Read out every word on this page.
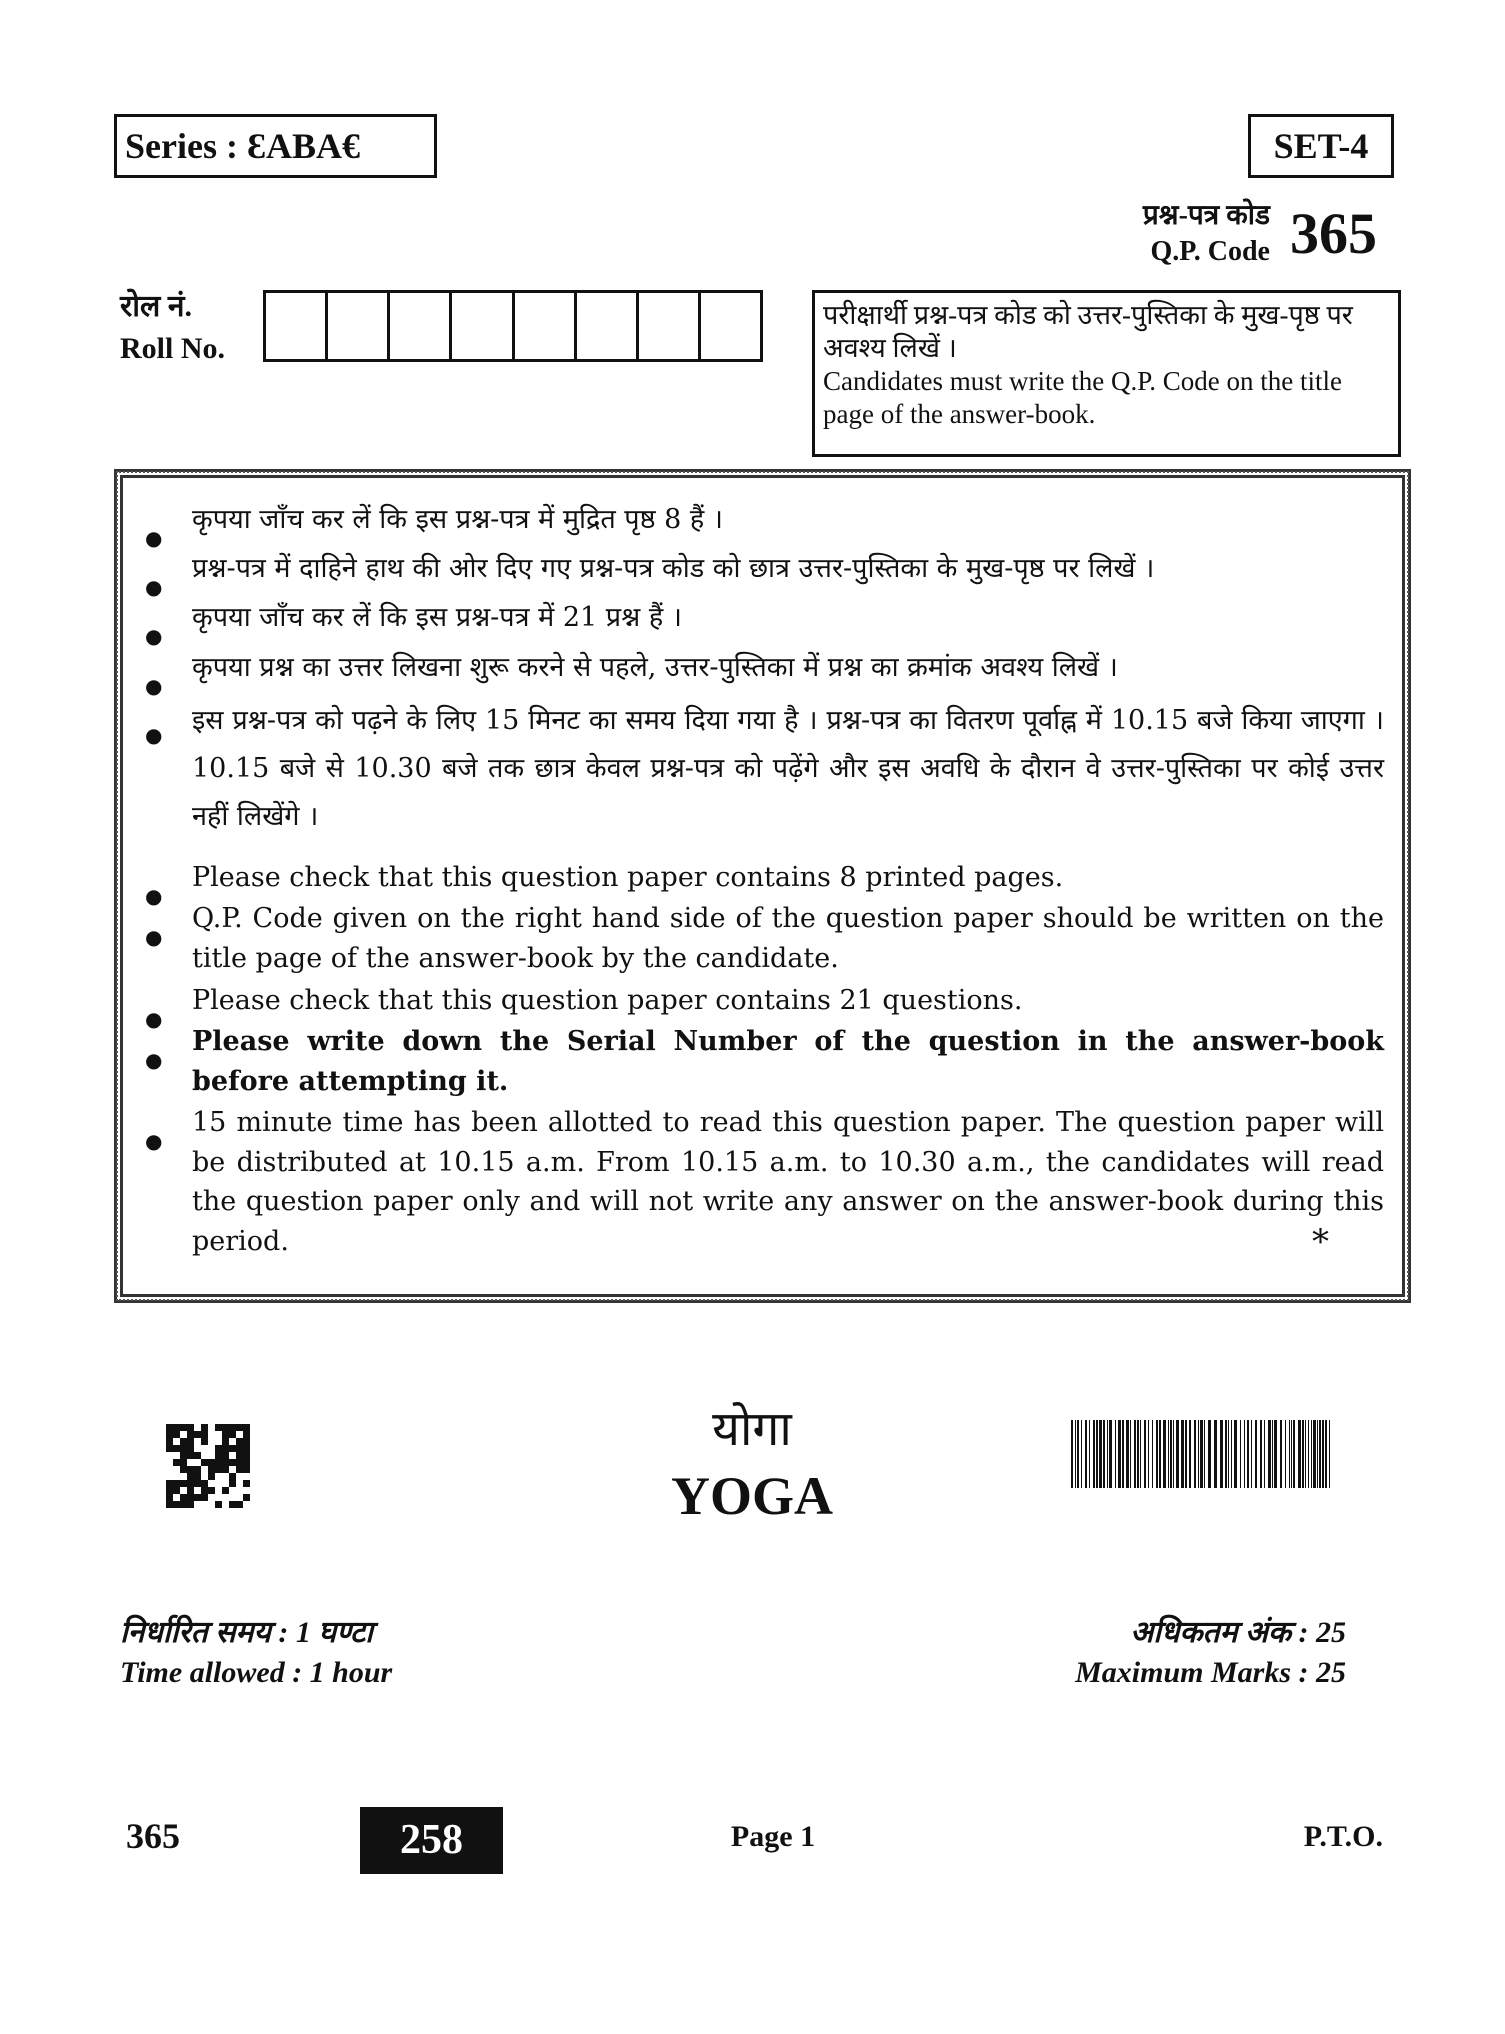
Series : ƐABA€	SET-4
प्रश्न-पत्र कोड
Q.P. Code 365
रोल नं.
Roll No.
परीक्षार्थी प्रश्न-पत्र कोड को उत्तर-पुस्तिका के मुख-पृष्ठ पर अवश्य लिखें ।
Candidates must write the Q.P. Code on the title page of the answer-book.
●
कृपया जाँच कर लें कि इस प्रश्न-पत्र में मुद्रित पृष्ठ 8 हैं ।
●
प्रश्न-पत्र में दाहिने हाथ की ओर दिए गए प्रश्न-पत्र कोड को छात्र उत्तर-पुस्तिका के मुख-पृष्ठ पर लिखें ।
●
कृपया जाँच कर लें कि इस प्रश्न-पत्र में 21 प्रश्न हैं ।
●
कृपया प्रश्न का उत्तर लिखना शुरू करने से पहले, उत्तर-पुस्तिका में प्रश्न का क्रमांक अवश्य लिखें ।
● इस प्रश्न-पत्र को पढ़ने के लिए 15 मिनट का समय दिया गया है । प्रश्न-पत्र का वितरण पूर्वाह्न में 10.15 बजे किया जाएगा । 10.15 बजे से 10.30 बजे तक छात्र केवल प्रश्न-पत्र को पढ़ेंगे और इस अवधि के दौरान वे उत्तर-पुस्तिका पर कोई उत्तर नहीं लिखेंगे ।
●
Please check that this question paper contains 8 printed pages.
●
Q.P. Code given on the right hand side of the question paper should be written on the title page of the answer-book by the candidate.
●
Please check that this question paper contains 21 questions.
●
Please write down the Serial Number of the question in the answer-book before attempting it.
●
15 minute time has been allotted to read this question paper. The question paper will be distributed at 10.15 a.m. From 10.15 a.m. to 10.30 a.m., the candidates will read the question paper only and will not write any answer on the answer-book during this period.	*
योगा
YOGA
निर्धारित समय : 1 घण्टा
Time allowed : 1 hour
अधिकतम अंक : 25
Maximum Marks : 25
365	258	Page 1	P.T.O.
